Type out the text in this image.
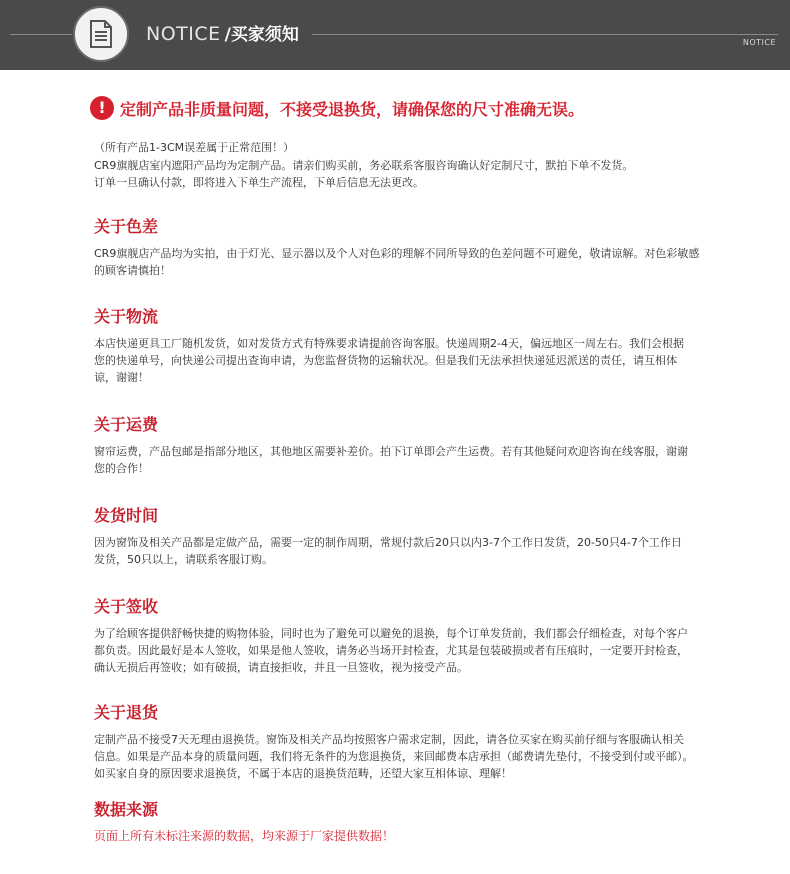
NOTICE /买家须知	NOTICE
! 定制产品非质量问题，不接受退换货，请确保您的尺寸准确无误。

（所有产品1-3CM误差属于正常范围！）

CR9旗舰店室内遮阳产品均为定制产品。请亲们购买前，务必联系客服咨询确认好定制尺寸，默拍下单不发货。订单一旦确认付款，即将进入下单生产流程，下单后信息无法更改。

关于色差

CR9旗舰店产品均为实拍，由于灯光、显示器以及个人对色彩的理解不同所导致的色差问题不可避免，敬请谅解。对色彩敏感的顾客请慎拍！

关于物流

本店快递更具工厂随机发货，如对发货方式有特殊要求请提前咨询客服。快递周期2-4天，偏远地区一周左右。我们会根据您的快递单号，向快递公司提出查询申请，为您监督货物的运输状况。但是我们无法承担快递延迟派送的责任，请互相体谅，谢谢！

关于运费

窗帘运费，产品包邮是指部分地区，其他地区需要补差价。拍下订单即会产生运费。若有其他疑问欢迎咨询在线客服，谢谢您的合作！

发货时间

因为窗饰及相关产品都是定做产品，需要一定的制作周期，常规付款后20只以内3-7个工作日发货，20-50只4-7个工作日发货，50只以上，请联系客服订购。

关于签收

为了给顾客提供舒畅快捷的购物体验，同时也为了避免可以避免的退换，每个订单发货前，我们都会仔细检查，对每个客户都负责。因此最好是本人签收，如果是他人签收，请务必当场开封检查，尤其是包装破损或者有压痕时，一定要开封检查，确认无损后再签收；如有破损，请直接拒收，并且一旦签收，视为接受产品。

关于退货

定制产品不接受7天无理由退换货。窗饰及相关产品均按照客户需求定制，因此，请各位买家在购买前仔细与客服确认相关信息。如果是产品本身的质量问题，我们将无条件的为您退换货，来回邮费本店承担（邮费请先垫付，不接受到付或平邮）。如买家自身的原因要求退换货，不属于本店的退换货范畴，还望大家互相体谅、理解！

数据来源

页面上所有未标注来源的数据，均来源于厂家提供数据！
